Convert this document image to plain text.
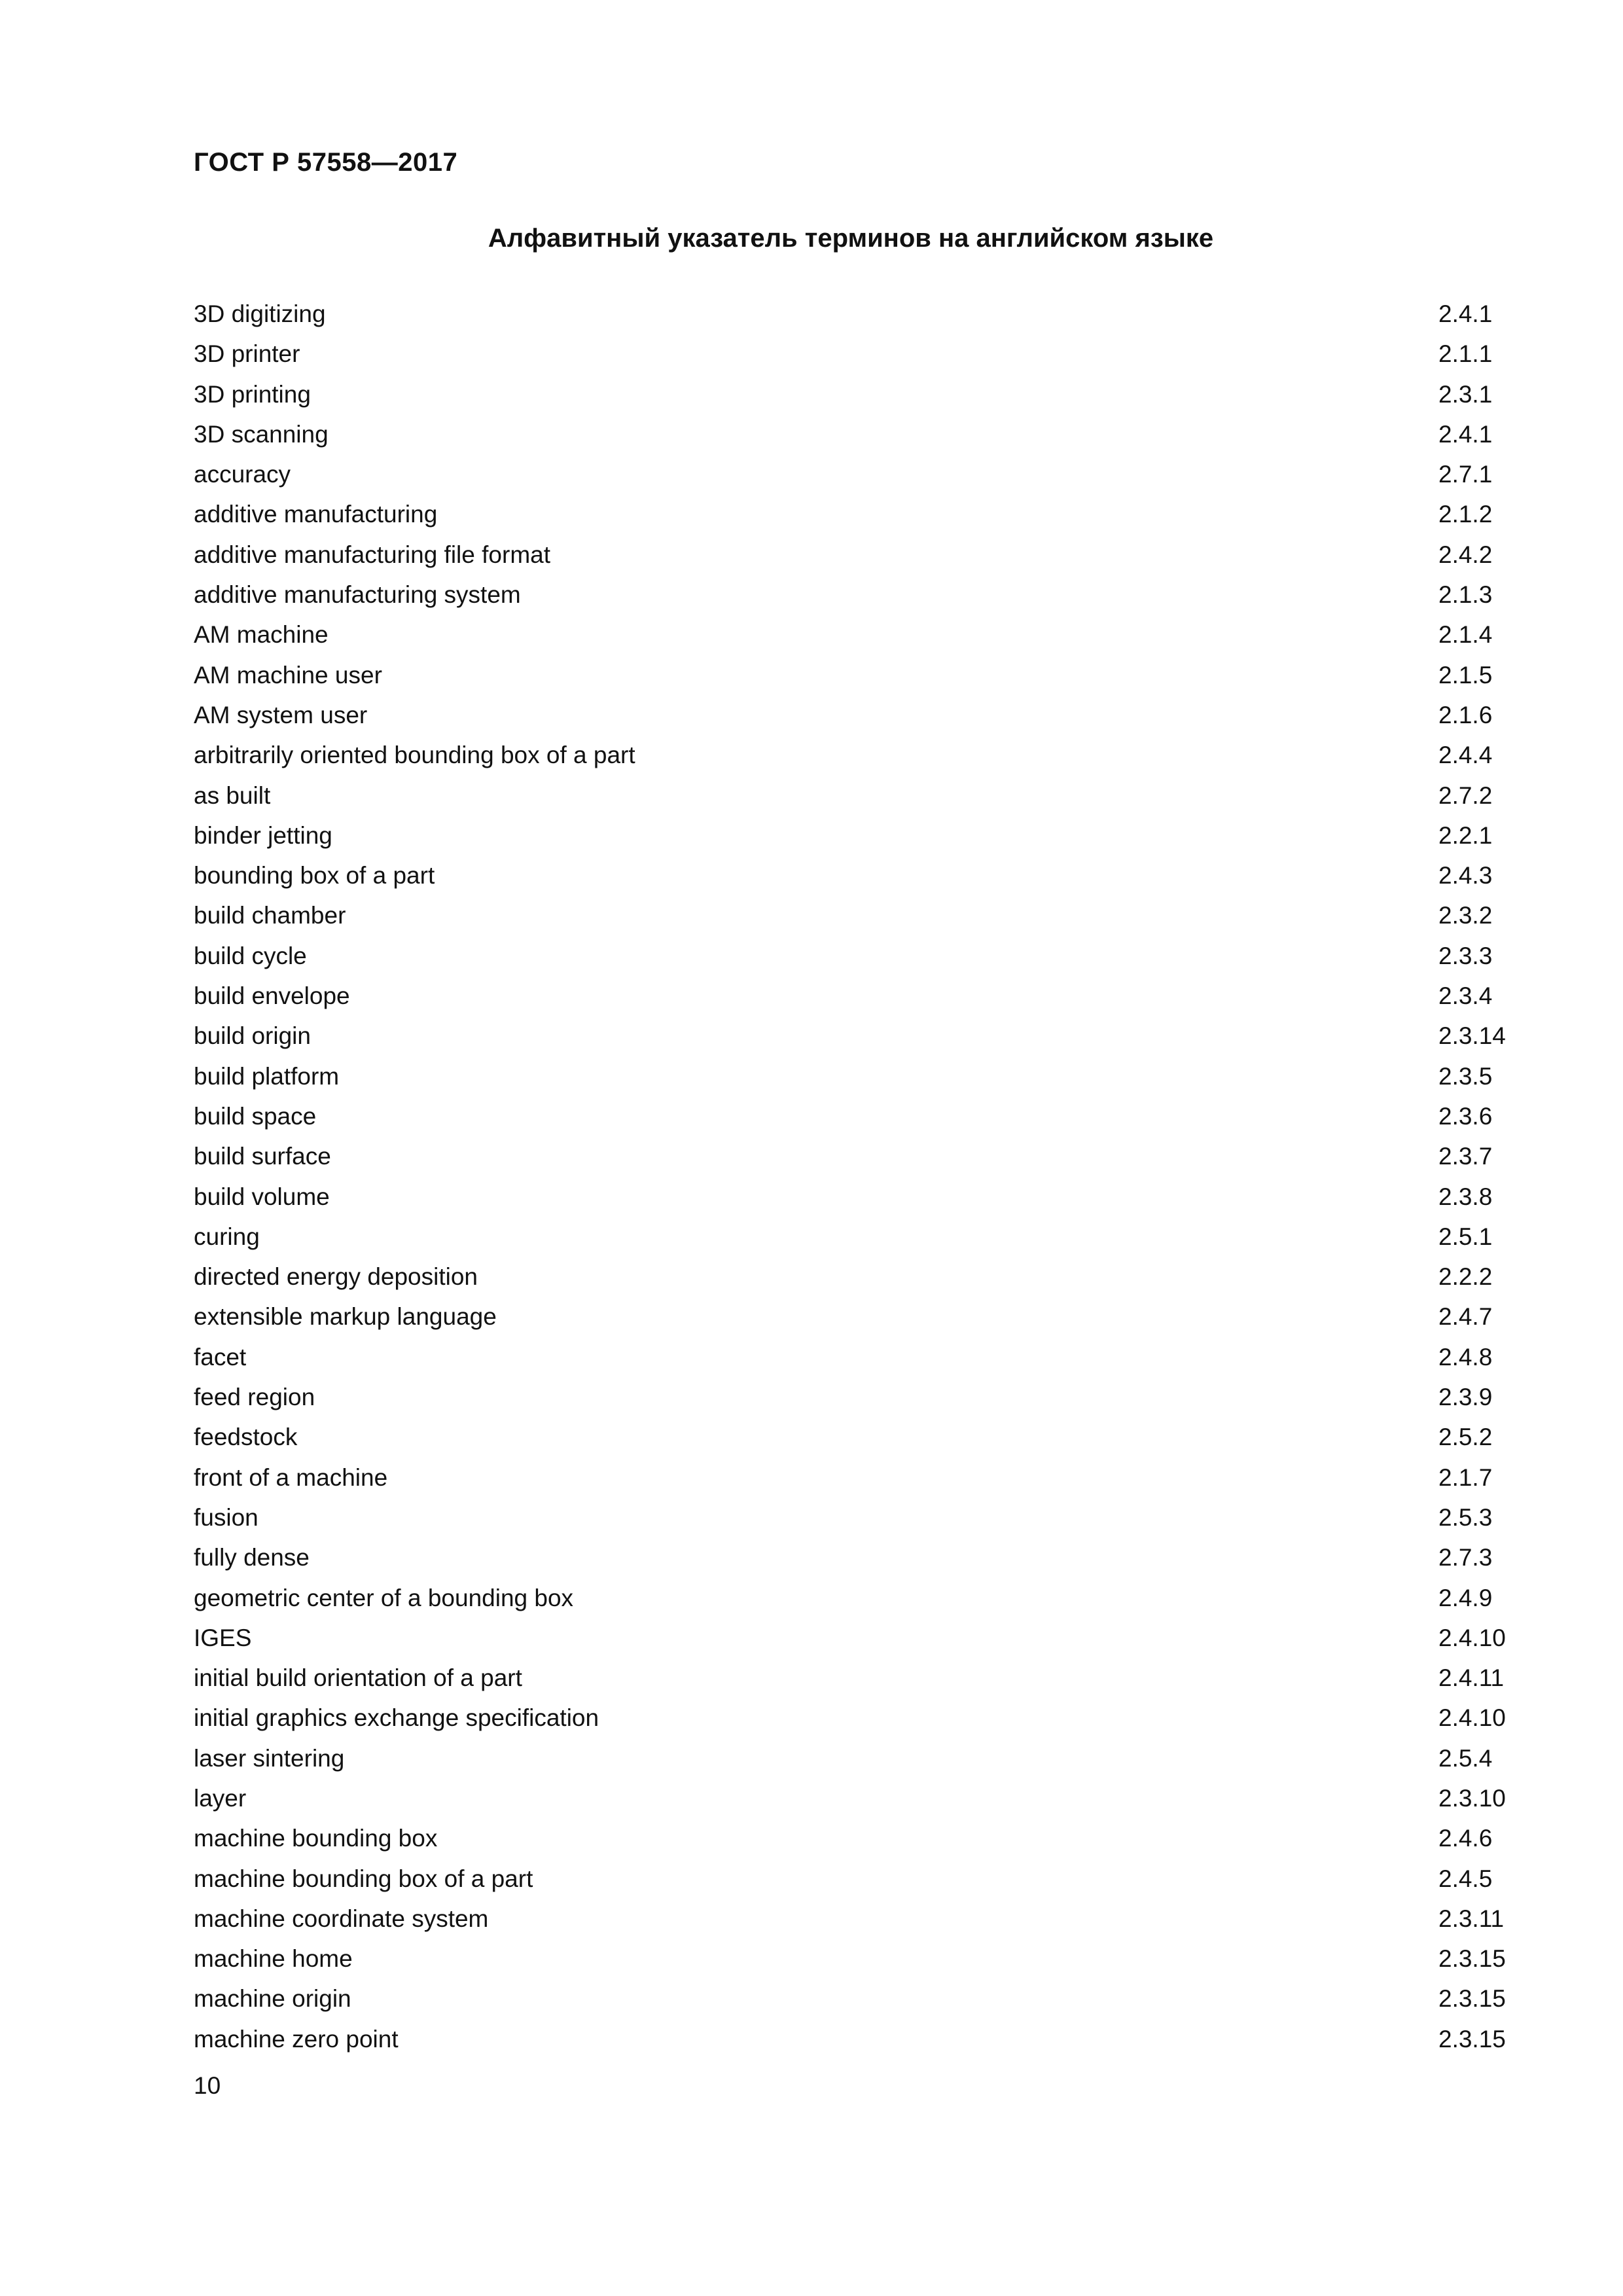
ГОСТ Р 57558—2017
Алфавитный указатель терминов на английском языке
3D digitizing	2.4.1
3D printer	2.1.1
3D printing	2.3.1
3D scanning	2.4.1
accuracy	2.7.1
additive manufacturing	2.1.2
additive manufacturing file format	2.4.2
additive manufacturing system	2.1.3
AM machine	2.1.4
AM machine user	2.1.5
AM system user	2.1.6
arbitrarily oriented bounding box of a part	2.4.4
as built	2.7.2
binder jetting	2.2.1
bounding box of a part	2.4.3
build chamber	2.3.2
build cycle	2.3.3
build envelope	2.3.4
build origin	2.3.14
build platform	2.3.5
build space	2.3.6
build surface	2.3.7
build volume	2.3.8
curing	2.5.1
directed energy deposition	2.2.2
extensible markup language	2.4.7
facet	2.4.8
feed region	2.3.9
feedstock	2.5.2
front of a machine	2.1.7
fusion	2.5.3
fully dense	2.7.3
geometric center of a bounding box	2.4.9
IGES	2.4.10
initial build orientation of a part	2.4.11
initial graphics exchange specification	2.4.10
laser sintering	2.5.4
layer	2.3.10
machine bounding box	2.4.6
machine bounding box of a part	2.4.5
machine coordinate system	2.3.11
machine home	2.3.15
machine origin	2.3.15
machine zero point	2.3.15
10
